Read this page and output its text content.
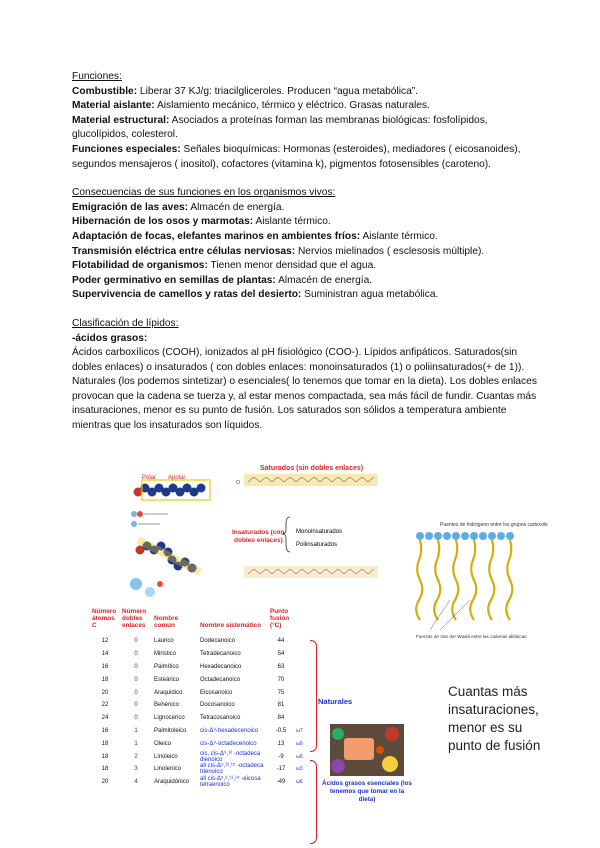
Funciones:

Combustible: Liberar 37 KJ/g: triacilgliceroles. Producen “agua metabólica”.

Material aislante: Aislamiento mecánico, térmico y eléctrico. Grasas naturales.

Material estructural: Asociados a proteínas forman las membranas biológicas: fosfolípidos, glucolípidos, colesterol.

Funciones especiales: Señales bioquímicas: Hormonas (esteroides), mediadores ( eicosanoides), segundos mensajeros ( inositol), cofactores (vitamina k), pigmentos fotosensibles (caroteno).

Consecuencias de sus funciones en los organismos vivos:

Emigración de las aves: Almacén de energía.

Hibernación de los osos y marmotas: Aislante térmico.

Adaptación de focas, elefantes marinos en ambientes fríos: Aislante térmico.

Transmisión eléctrica entre células nerviosas: Nervios mielinados ( esclesosis múltiple).

Flotabilidad de organismos: Tienen menor densidad que el agua.

Poder germinativo en semillas de plantas: Almacén de energía.

Supervivencia de camellos y ratas del desierto: Suministran agua metabólica.

Clasificación de lípidos:

-ácidos grasos:

Ácidos carboxílicos (COOH), ionizados al pH fisiológico (COO-). Lípidos anfipáticos. Saturados(sin dobles enlaces) o insaturados ( con dobles enlaces: monoinsaturados (1) o poliinsaturados(+ de 1)). Naturales (los podemos sintetizar) o esenciales( lo tenemos que tomar en la dieta). Los dobles enlaces provocan que la cadena se tuerza y, al estar menos compactada, sea más fácil de fundir. Cuantas más insaturaciones, menor es su punto de fusión. Los saturados son sólidos a temperatura ambiente mientras que los insaturados son líquidos.

Polar Apolar
Saturados (sin dobles enlaces)
O
Insaturados (con
dobles enlaces)
Monoinsaturados
Poliinsaturados
Puentes de hidrógeno entre los grupos carboxilo
Fuerzas de Van der Waals entre las cadenas alifáticas
Número átomos C	Número dobles enlaces	Nombre común	Nombre sistemático	Punto fusión (°C)	
12	0	Laurico	Dodecanoico	44	
14	0	Miristico	Tetradecanoico	54	
16	0	Palmítico	Hexadecanoico	63	
18	0	Esteárico	Octadecanoico	70	
20	0	Araquidico	Eicosanoico	75	
22	0	Behénico	Docosanoico	81	
24	0	Lignocerico	Tetracosanoico	84	
16	1	Palmitoleico	cis-Δ⁹-hexadecenoico	-0.5	ω7
18	1	Oleico	cis-Δ⁹-octadecenoico	13	ω9
18	2	Linoleico	cis, cis-Δ⁹,¹² -octadeca dienoico	-9	ω6
18	3	Linolenico	all cis-Δ⁹,¹²,¹⁵ -octadeca trienoico	-17	ω3
20	4	Araquidónico	all cis-Δ⁵,⁸,¹¹,¹⁴ -eicosa tetraenoico	-49	ω6
Naturales
Ácidos grasos esenciales (los tenemos que tomar en la dieta)
Cuantas más insaturaciones, menor es su punto de fusión
